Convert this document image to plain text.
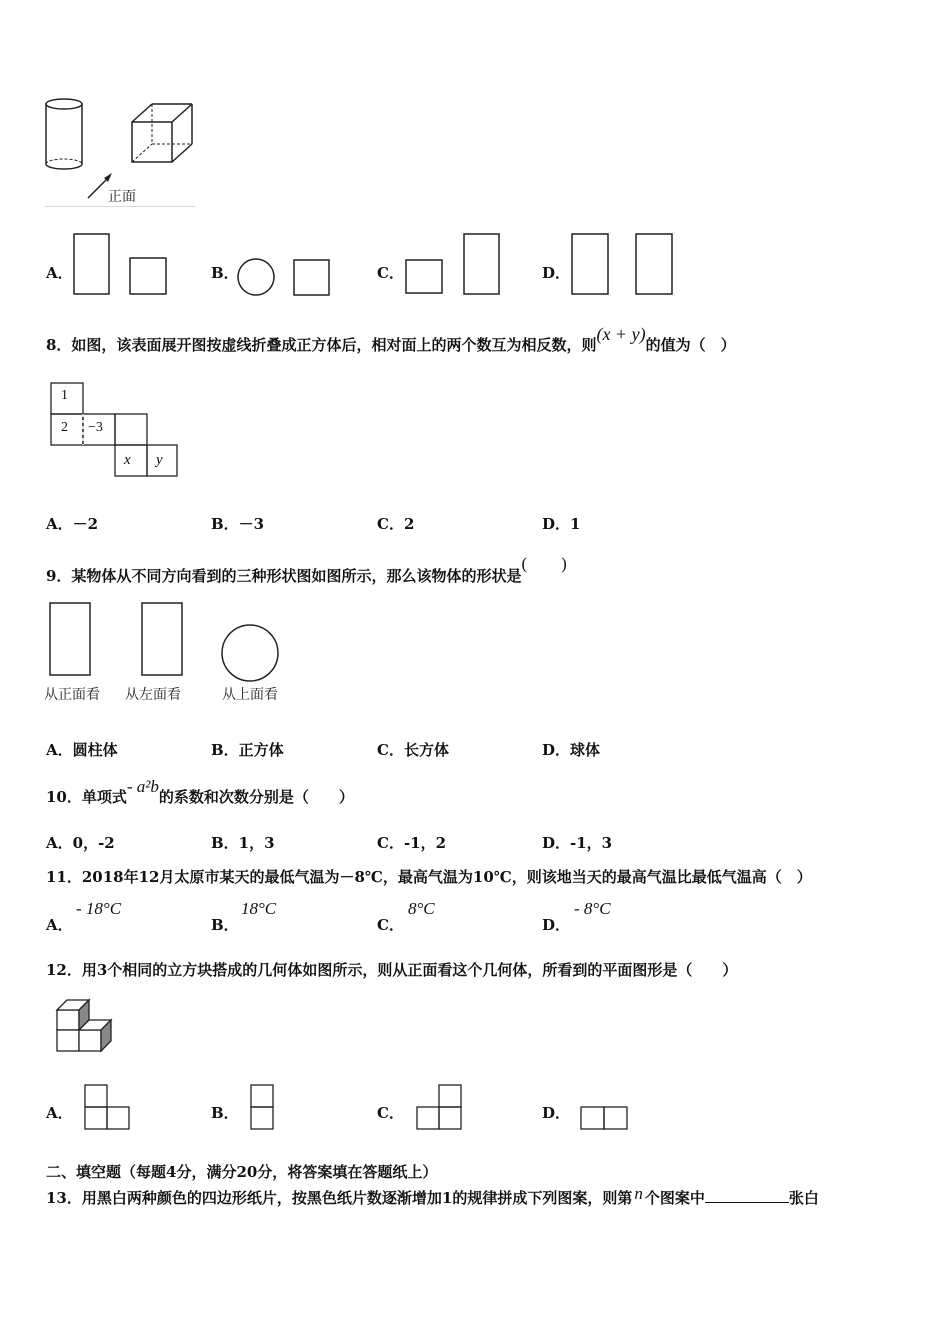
正面
A．	B．	C．	D．
8．如图，该表面展开图按虚线折叠成正方体后，相对面上的两个数互为相反数，则(x + y)的值为（　）
1
2 −3
x y
A．－2	B．－3	C．2	D．1
9．某物体从不同方向看到的三种形状图如图所示，那么该物体的形状是(　　)
从正面看 从左面看	从上面看
A．圆柱体	B．正方体	C．长方体	D．球体
10．单项式- a²b的系数和次数分别是（　　）
A．0，-2	B．1，3	C．-1，2	D．-1，3
11．2018年12月太原市某天的最低气温为－8℃，最高气温为10℃，则该地当天的最高气温比最低气温高（　）
A．
- 18°C
B．
18°C
C．
8°C
D．
- 8°C
12．用3个相同的立方块搭成的几何体如图所示，则从正面看这个几何体，所看到的平面图形是（　　）
A．	B．	C．	D．
二、填空题（每题4分，满分20分，将答案填在答题纸上）
13．用黑白两种颜色的四边形纸片，按黑色纸片数逐渐增加1的规律拼成下列图案，则第 n 个图案中	张白
